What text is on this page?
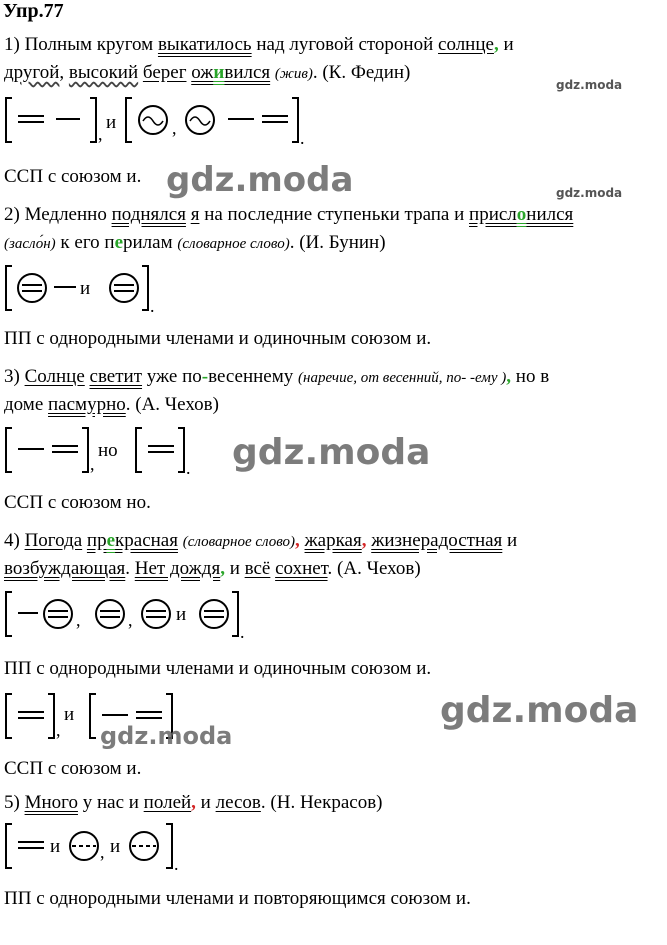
Упр.77
1) Полным кругом выкатилось над луговой стороной солнце, и
другой, высокий берег оживился (жив). (К. Федин)
gdz.moda
,
и	,	.
ССП с союзом и. gdz.moda	gdz.moda
2) Медленно поднялся я на последние ступеньки трапа и прислонился
(засло́н) к его перилам (словарное слово). (И. Бунин)
и
.
ПП с однородными членами и одиночным союзом и.
3) Солнце светит уже по-весеннему (наречие, от весенний, по- -ему ), но в
доме пасмурно. (А. Чехов)
,
но
. gdz.moda
ССП с союзом но.
4) Погода прекрасная (словарное слово), жаркая, жизнерадостная и
возбуждающая. Нет дождя, и всё сохнет. (А. Чехов)
,	, и
.
ПП с однородными членами и одиночным союзом и.
,
и
gdz.moda
gdz.moda
ССП с союзом и.
5) Много у нас и полей, и лесов. (Н. Некрасов)
и , и
.
ПП с однородными членами и повторяющимся союзом и.
